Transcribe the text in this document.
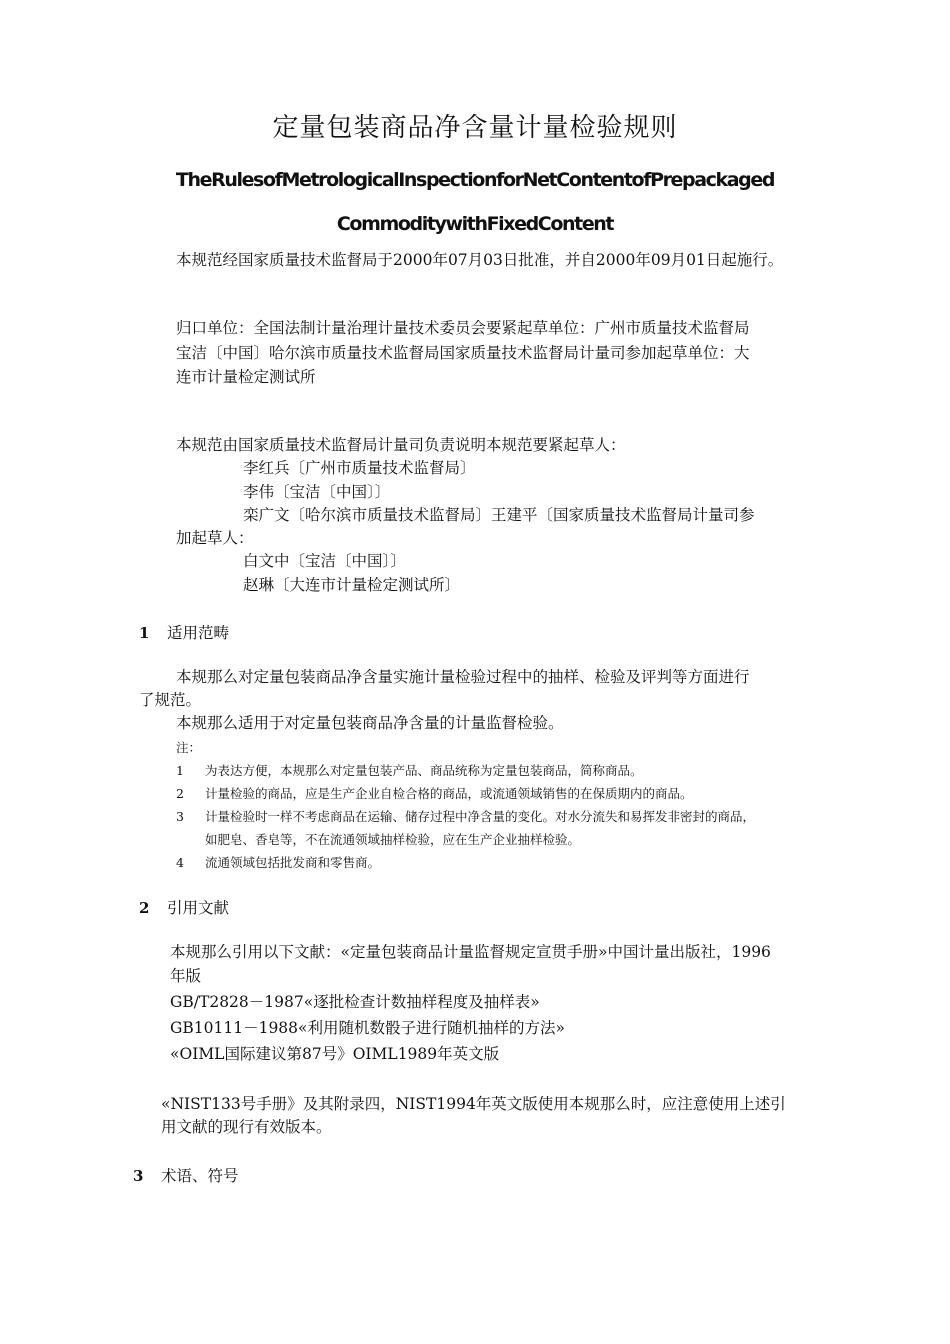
定量包装商品净含量计量检验规则
TheRulesofMetrologicalInspectionforNetContentofPrepackaged
CommoditywithFixedContent
本规范经国家质量技术监督局于2000年07月03日批准，并自2000年09月01日起施行。
归口单位：全国法制计量治理计量技术委员会要紧起草单位：广州市质量技术监督局
宝洁〔中国〕哈尔滨市质量技术监督局国家质量技术监督局计量司参加起草单位：大
连市计量检定测试所
本规范由国家质量技术监督局计量司负责说明本规范要紧起草人：
李红兵〔广州市质量技术监督局〕
李伟〔宝洁〔中国〕〕
栾广文〔哈尔滨市质量技术监督局〕王建平〔国家质量技术监督局计量司参
加起草人：
白文中〔宝洁〔中国〕〕
赵琳〔大连市计量检定测试所〕
1 适用范畴
本规那么对定量包装商品净含量实施计量检验过程中的抽样、检验及评判等方面进行
了规范。
本规那么适用于对定量包装商品净含量的计量监督检验。
注：
1 为表达方便，本规那么对定量包装产品、商品统称为定量包装商品，简称商品。
2 计量检验的商品，应是生产企业自检合格的商品，或流通领域销售的在保质期内的商品。
3 计量检验时一样不考虑商品在运输、储存过程中净含量的变化。对水分流失和易挥发非密封的商品，
如肥皂、香皂等，不在流通领域抽样检验，应在生产企业抽样检验。
4 流通领域包括批发商和零售商。
2 引用文献
本规那么引用以下文献：«定量包装商品计量监督规定宣贯手册»中国计量出版社，1996
年版
GB/T2828－1987«逐批检查计数抽样程度及抽样表»
GB10111－1988«利用随机数骰子进行随机抽样的方法»
«OIML国际建议第87号》OIML1989年英文版
«NIST133号手册》及其附录四，NIST1994年英文版使用本规那么时，应注意使用上述引
用文献的现行有效版本。
3 术语、符号
